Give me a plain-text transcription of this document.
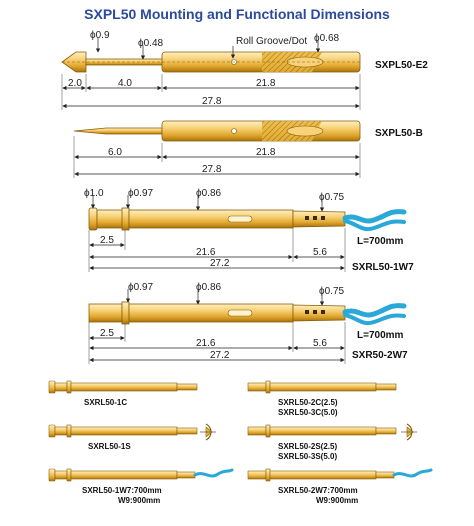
SXPL50 Mounting and Functional Dimensions
ϕ0.9
ϕ0.48	Roll Groove/Dot ϕ0.68
SXPL50-E2
2.0	4.0	21.8
27.8
SXPL50-B
6.0	21.8
27.8
ϕ1.0 ϕ0.97	ϕ0.86	ϕ0.75
L=700mm
SXRL50-1W7
2.5
21.6	5.6
27.2
ϕ0.97	ϕ0.86	ϕ0.75
L=700mm
SXR50-2W7
2.5
21.6	5.6
27.2
SXRL50-1C
SXRL50-1S
SXRL50-1W7:700mm
W9:900mm
SXRL50-2C(2.5)
SXRL50-3C(5.0)
SXRL50-2S(2.5)
SXRL50-3S(5.0)
SXRL50-2W7:700mm
W9:900mm
